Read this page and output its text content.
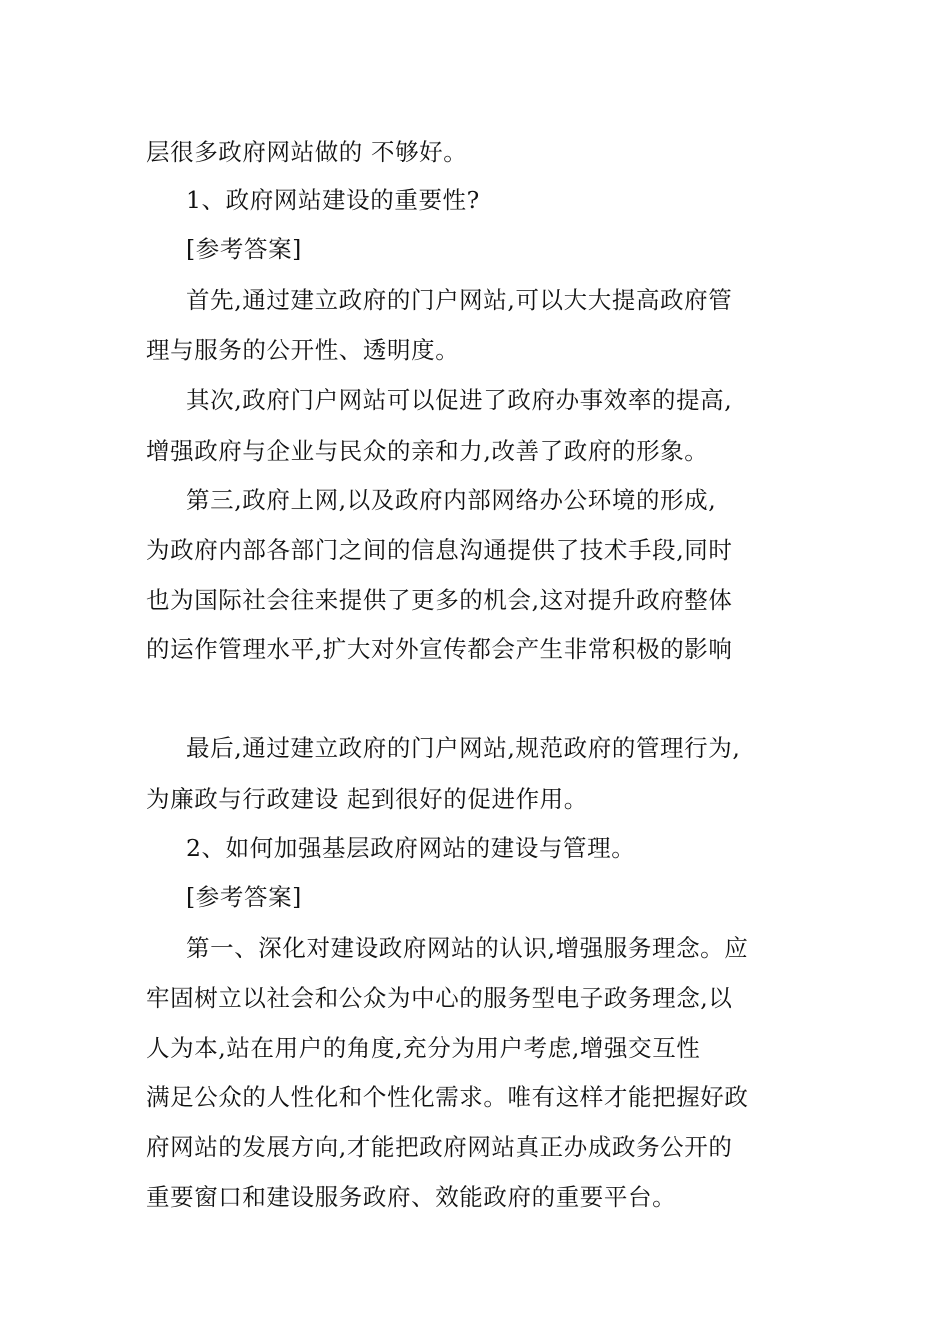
层很多政府网站做的 不够好。
1、政府网站建设的重要性?
[参考答案]
首先,通过建立政府的门户网站,可以大大提高政府管
理与服务的公开性、透明度。
其次,政府门户网站可以促进了政府办事效率的提高,
增强政府与企业与民众的亲和力,改善了政府的形象。
第三,政府上网,以及政府内部网络办公环境的形成,
为政府内部各部门之间的信息沟通提供了技术手段,同时
也为国际社会往来提供了更多的机会,这对提升政府整体
的运作管理水平,扩大对外宣传都会产生非常积极的影响
最后,通过建立政府的门户网站,规范政府的管理行为,
为廉政与行政建设 起到很好的促进作用。
2、如何加强基层政府网站的建设与管理。
[参考答案]
第一、深化对建设政府网站的认识,增强服务理念。应
牢固树立以社会和公众为中心的服务型电子政务理念,以
人为本,站在用户的角度,充分为用户考虑,增强交互性
满足公众的人性化和个性化需求。唯有这样才能把握好政
府网站的发展方向,才能把政府网站真正办成政务公开的
重要窗口和建设服务政府、效能政府的重要平台。
